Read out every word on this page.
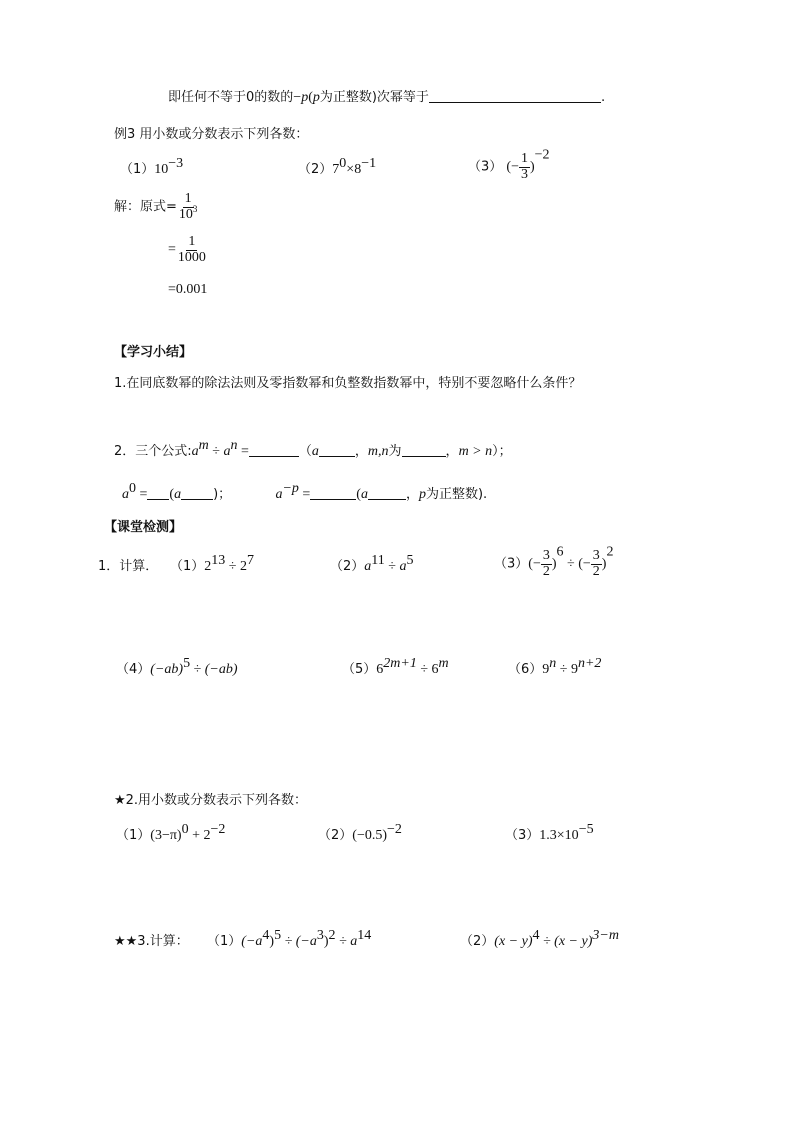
即任何不等于0的数的−p(p为正整数)次幂等于	.
例3 用小数或分数表示下列各数：
$(1)10^{-3}$	$(2)7^0\times 8^{-1}$	（3） (− $\frac{1}{3} )^{-2}$
解：原式= $\frac{1}{10^3}$
= $\frac{1}{1000}$
=0.001
【学习小结】
1.在同底数幂的除法法则及零指数幂和负整数指数幂中，特别不要忽略什么条件？
2．三个公式$:a^m \div a^n$ =	（a	，m,n为	，m > n）；
$a^0 = (a$ )；	$a^{-p}$ =	(a	，p为正整数).
【课堂检测】
1．计算． $(1)2^{13} \div 2^7$	$(2)a^{11} \div a^5$	$(3)(- \frac{3}{2} )^6$ ÷ (− $\frac{3}{2} )^2$
$(4)(-ab)^5 \div (-ab)$	$(5)6^{2m+1} \div 6^m$	$(6)9^n \div 9^{n+2}$
★2.用小数或分数表示下列各数：
$(1)(3-\pi)^0 + 2^{-2}$	$(2)(-0.5)^{-2}$	$(3)1.3\times 10^{-5}$
★★3.计算： $(1)(-a^4)^5 \div (-a^3)^2 \div a^{14}$	$(2)(x - y)^4 \div (x - y)^{3-m}$
